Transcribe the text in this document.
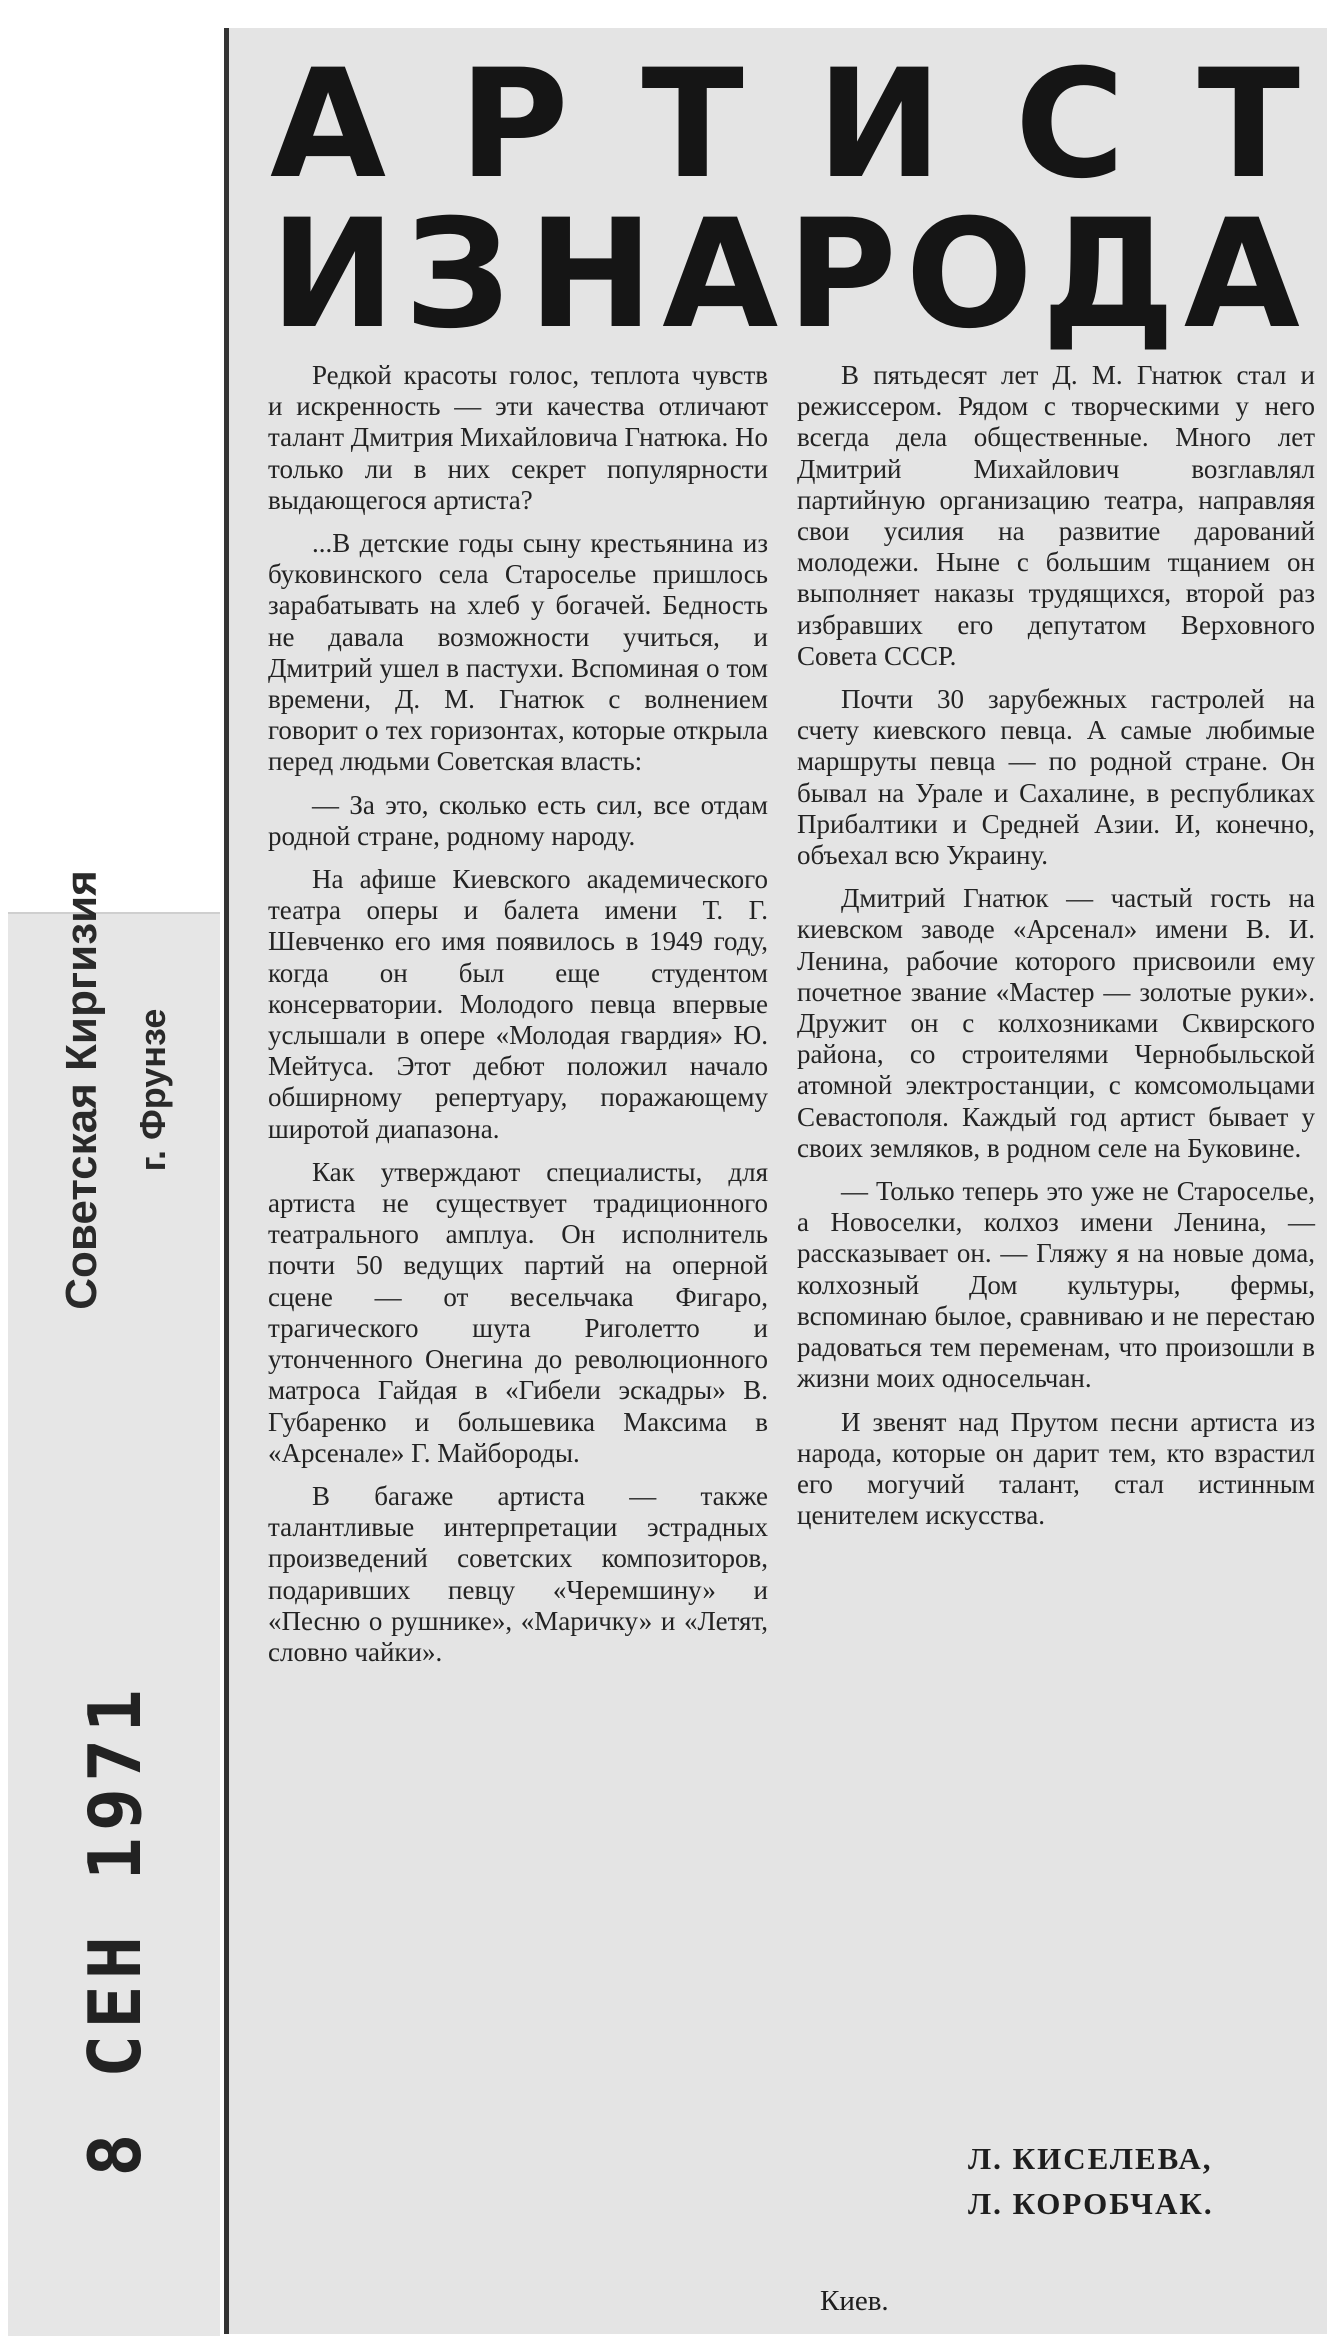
Советская Киргизия г. Фрунзе
8 СЕН 1971
А Р Т И С Т
И З Н А Р О Д А

Редкой красоты голос, теплота чувств и искренность — эти качества отличают талант Дмитрия Михайловича Гнатюка. Но только ли в них секрет популярности выдающегося артиста?

...В детские годы сыну крестьянина из буковинского села Староселье пришлось зарабатывать на хлеб у богачей. Бедность не давала возможности учиться, и Дмитрий ушел в пастухи. Вспоминая о том времени, Д. М. Гнатюк с волнением говорит о тех горизонтах, которые открыла перед людьми Советская власть:

— За это, сколько есть сил, все отдам родной стране, родному народу.

На афише Киевского академического театра оперы и балета имени Т. Г. Шевченко его имя появилось в 1949 году, когда он был еще студентом консерватории. Молодого певца впервые услышали в опере «Молодая гвардия» Ю. Мейтуса. Этот дебют положил начало обширному репертуару, поражающему широтой диапазона.

Как утверждают специалисты, для артиста не существует традиционного театрального амплуа. Он исполнитель почти 50 ведущих партий на оперной сцене — от весельчака Фигаро, трагического шута Риголетто и утонченного Онегина до революционного матроса Гайдая в «Гибели эскадры» В. Губаренко и большевика Максима в «Арсенале» Г. Майбороды.

В багаже артиста — также талантливые интерпретации эстрадных произведений советских композиторов, подаривших певцу «Черемшину» и «Песню о рушнике», «Маричку» и «Летят, словно чайки».

В пятьдесят лет Д. М. Гнатюк стал и режиссером. Рядом с творческими у него всегда дела общественные. Много лет Дмитрий Михайлович возглавлял партийную организацию театра, направляя свои усилия на развитие дарований молодежи. Ныне с большим тщанием он выполняет наказы трудящихся, второй раз избравших его депутатом Верховного Совета СССР.

Почти 30 зарубежных гастролей на счету киевского певца. А самые любимые маршруты певца — по родной стране. Он бывал на Урале и Сахалине, в республиках Прибалтики и Средней Азии. И, конечно, объехал всю Украину.

Дмитрий Гнатюк — частый гость на киевском заводе «Арсенал» имени В. И. Ленина, рабочие которого присвоили ему почетное звание «Мастер — золотые руки». Дружит он с колхозниками Сквирского района, со строителями Чернобыльской атомной электростанции, с комсомольцами Севастополя. Каждый год артист бывает у своих земляков, в родном селе на Буковине.

— Только теперь это уже не Староселье, а Новоселки, колхоз имени Ленина, — рассказывает он. — Гляжу я на новые дома, колхозный Дом культуры, фермы, вспоминаю былое, сравниваю и не перестаю радоваться тем переменам, что произошли в жизни моих односельчан.

И звенят над Прутом песни артиста из народа, которые он дарит тем, кто взрастил его могучий талант, стал истинным ценителем искусства.

Л. КИСЕЛЕВА,
Л. КОРОБЧАК.
Киев.
